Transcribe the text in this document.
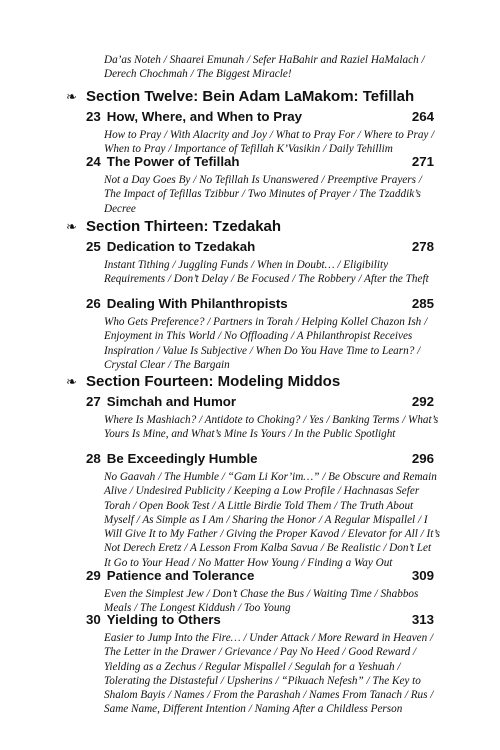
Da’as Noteh / Shaarei Emunah / Sefer HaBahir and Raziel HaMalach / Derech Chochmah / The Biggest Miracle!
❧ Section Twelve: Bein Adam LaMakom: Tefillah
23 How, Where, and When to Pray	264
How to Pray / With Alacrity and Joy / What to Pray For / Where to Pray / When to Pray / Importance of Tefillah K’Vasikin / Daily Tehillim
24 The Power of Tefillah	271
Not a Day Goes By / No Tefillah Is Unanswered / Preemptive Prayers / The Impact of Tefillas Tzibbur / Two Minutes of Prayer / The Tzaddik’s Decree
❧ Section Thirteen: Tzedakah
25 Dedication to Tzedakah	278
Instant Tithing / Juggling Funds / When in Doubt… / Eligibility Requirements / Don’t Delay / Be Focused / The Robbery / After the Theft
26 Dealing With Philanthropists	285
Who Gets Preference? / Partners in Torah / Helping Kollel Chazon Ish / Enjoyment in This World / No Offloading / A Philanthropist Receives Inspiration / Value Is Subjective / When Do You Have Time to Learn? / Crystal Clear / The Bargain
❧ Section Fourteen: Modeling Middos
27 Simchah and Humor	292
Where Is Mashiach? / Antidote to Choking? / Yes / Banking Terms / What’s Yours Is Mine, and What’s Mine Is Yours / In the Public Spotlight
28 Be Exceedingly Humble	296
No Gaavah / The Humble / “Gam Li Kor’im…” / Be Obscure and Remain Alive / Undesired Publicity / Keeping a Low Profile / Hachnasas Sefer Torah / Open Book Test / A Little Birdie Told Them / The Truth About Myself / As Simple as I Am / Sharing the Honor / A Regular Mispallel / I Will Give It to My Father / Giving the Proper Kavod / Elevator for All / It’s Not Derech Eretz / A Lesson From Kalba Savua / Be Realistic / Don’t Let It Go to Your Head / No Matter How Young / Finding a Way Out
29 Patience and Tolerance	309
Even the Simplest Jew / Don’t Chase the Bus / Waiting Time / Shabbos Meals / The Longest Kiddush / Too Young
30 Yielding to Others	313
Easier to Jump Into the Fire… / Under Attack / More Reward in Heaven / The Letter in the Drawer / Grievance / Pay No Heed / Good Reward / Yielding as a Zechus / Regular Mispallel / Segulah for a Yeshuah / Tolerating the Distasteful / Upsherins / “Pikuach Nefesh” / The Key to Shalom Bayis / Names / From the Parashah / Names From Tanach / Rus / Same Name, Different Intention / Naming After a Childless Person
